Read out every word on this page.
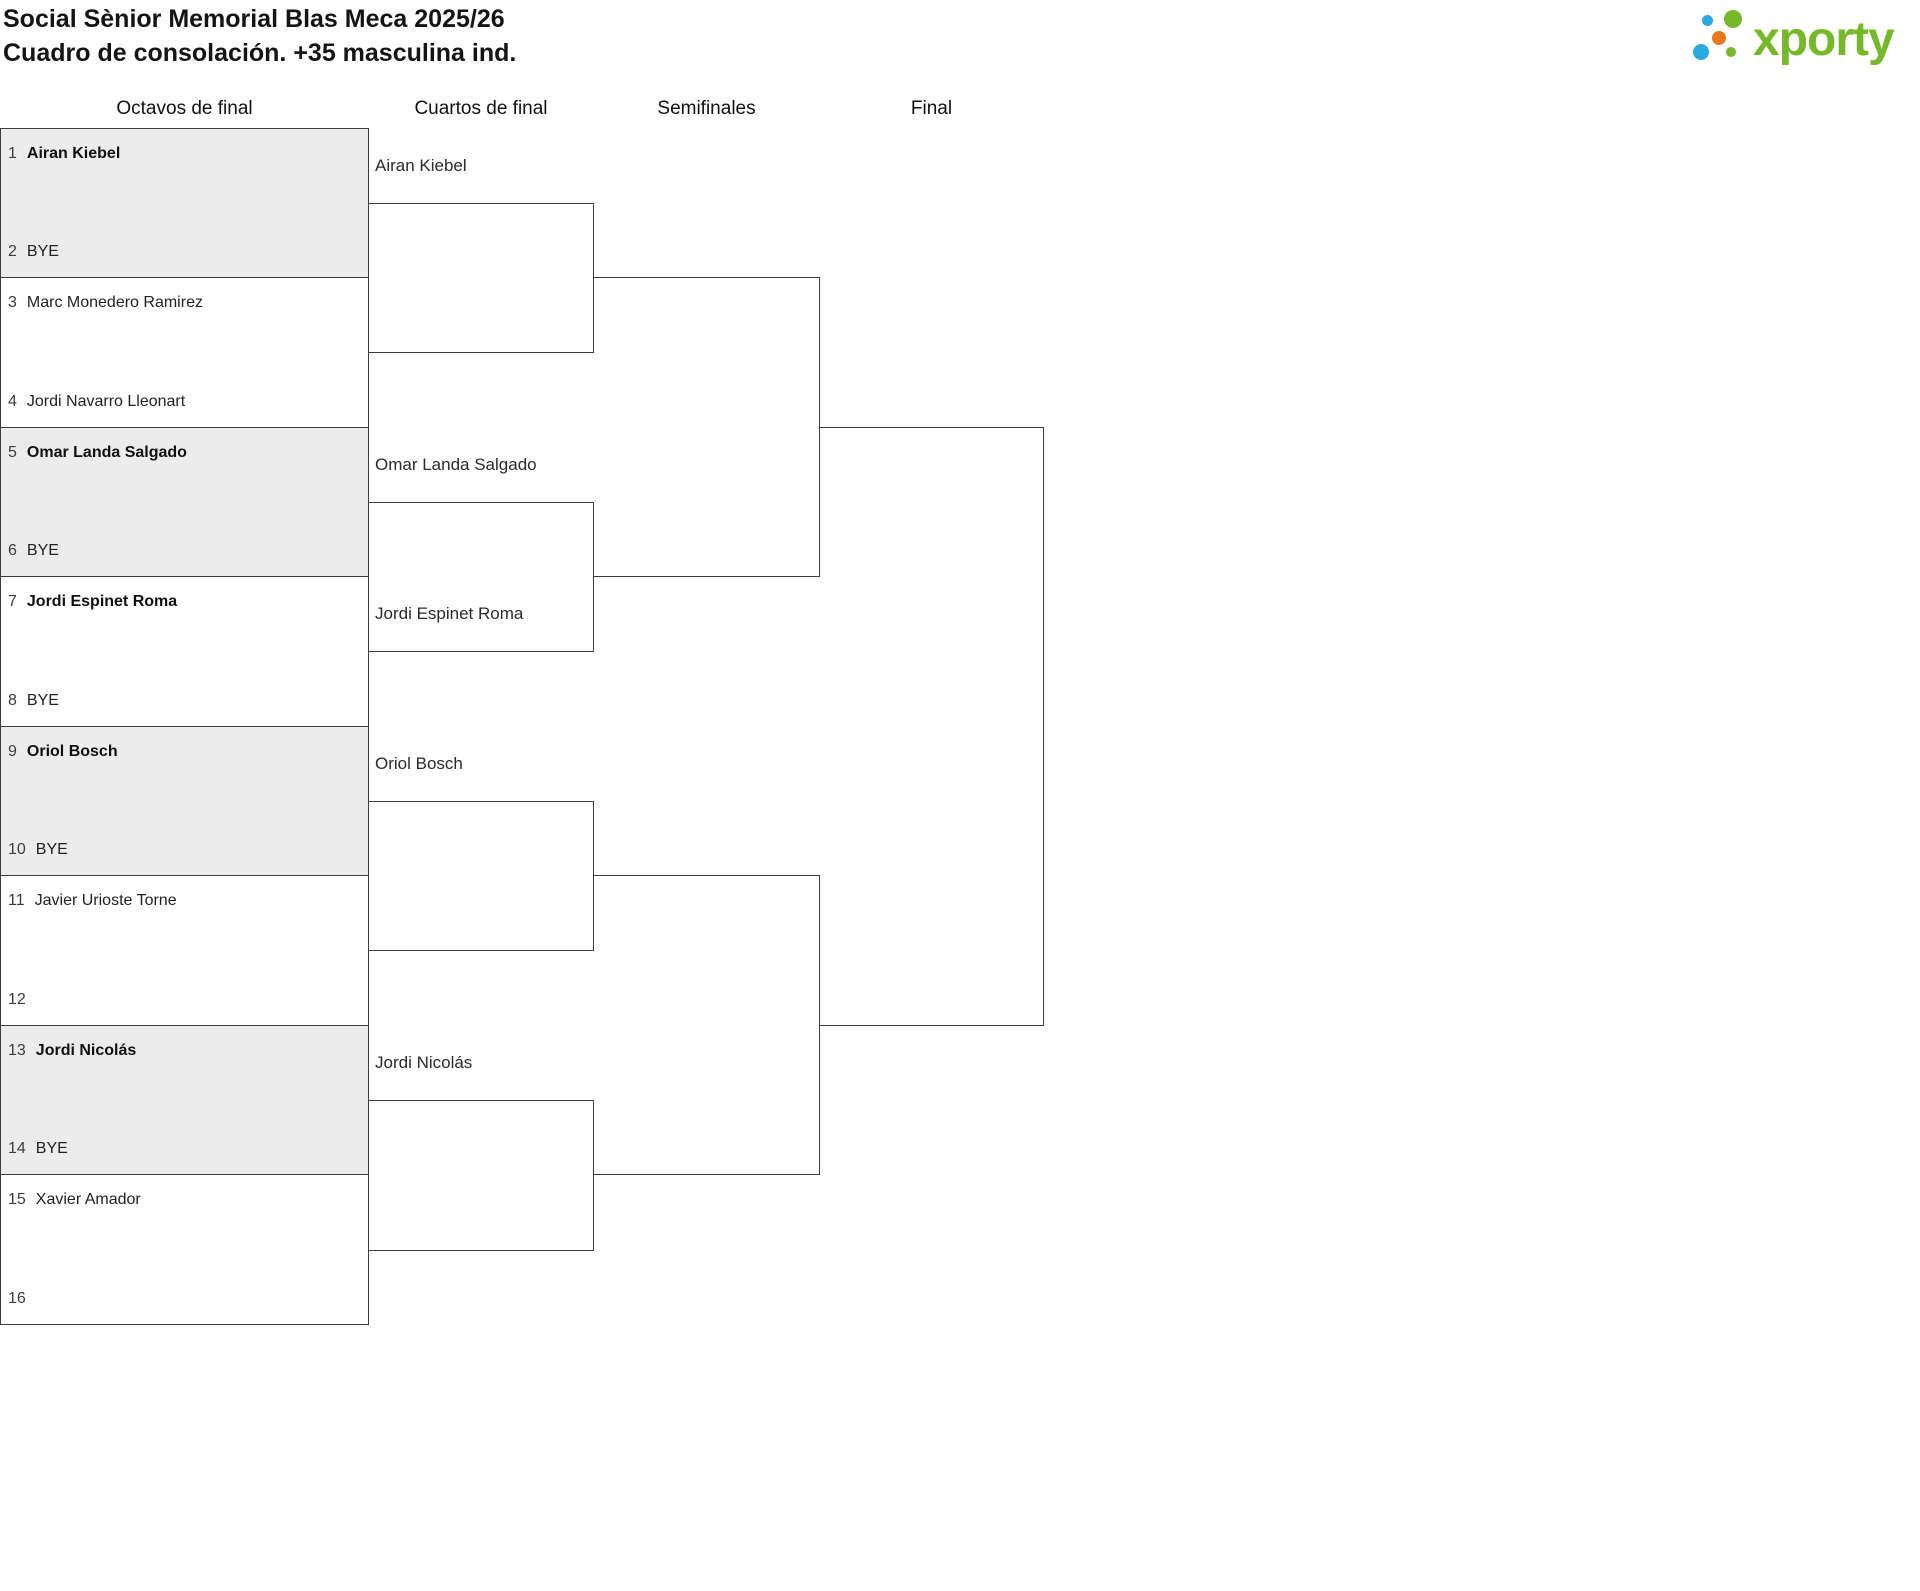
Social Sènior Memorial Blas Meca 2025/26
Cuadro de consolación. +35 masculina ind.	xporty
Octavos de final	Cuartos de final	Semifinales	Final
1 Airan Kiebel
2 BYE
3 Marc Monedero Ramirez
4 Jordi Navarro Lleonart
5 Omar Landa Salgado
6 BYE
7 Jordi Espinet Roma
8 BYE
9 Oriol Bosch
10 BYE
11 Javier Urioste Torne
12
13 Jordi Nicolás
14 BYE
15 Xavier Amador
16
Airan Kiebel
Omar Landa Salgado
Jordi Espinet Roma
Oriol Bosch
Jordi Nicolás
